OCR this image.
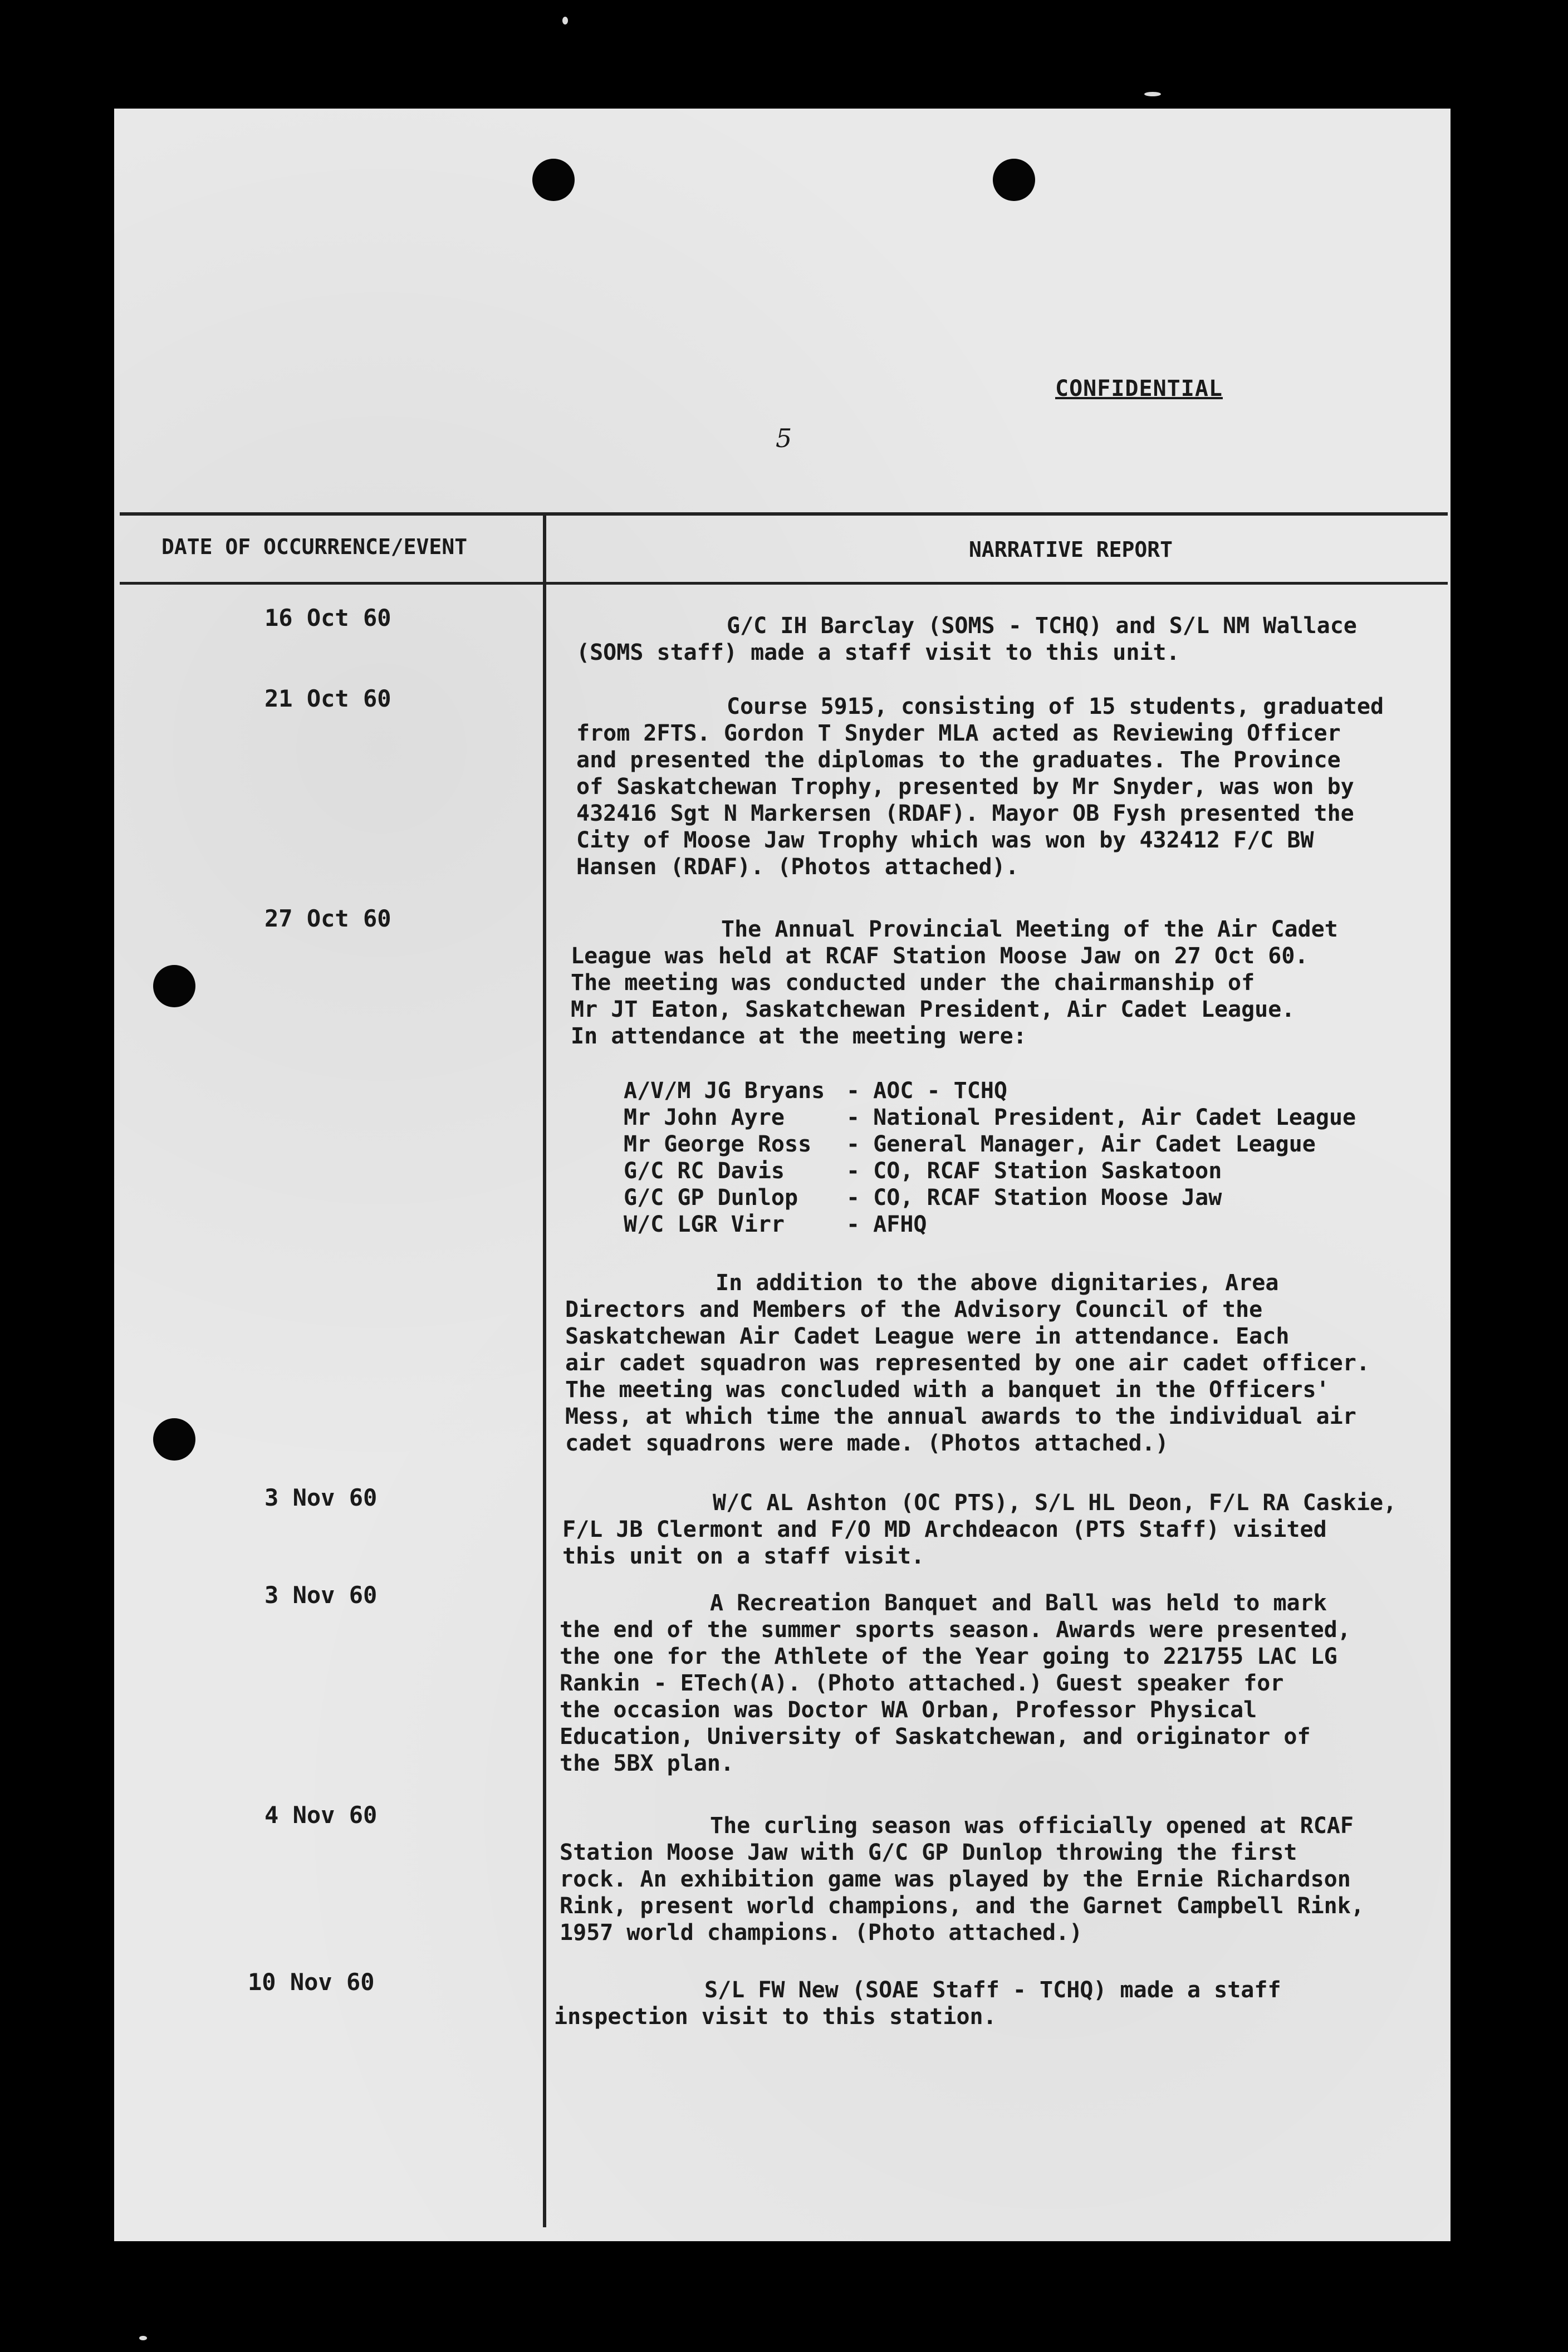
CONFIDENTIAL
5
DATE OF OCCURRENCE/EVENT	NARRATIVE REPORT
16 Oct 60	G/C IH Barclay (SOMS - TCHQ) and S/L NM Wallace
(SOMS staff) made a staff visit to this unit.

21 Oct 60	Course 5915, consisting of 15 students, graduated
from 2FTS. Gordon T Snyder MLA acted as Reviewing Officer
and presented the diplomas to the graduates. The Province
of Saskatchewan Trophy, presented by Mr Snyder, was won by
432416 Sgt N Markersen (RDAF). Mayor OB Fysh presented the
City of Moose Jaw Trophy which was won by 432412 F/C BW
Hansen (RDAF). (Photos attached).

27 Oct 60	The Annual Provincial Meeting of the Air Cadet
League was held at RCAF Station Moose Jaw on 27 Oct 60.
The meeting was conducted under the chairmanship of
Mr JT Eaton, Saskatchewan President, Air Cadet League.
In attendance at the meeting were:

A/V/M JG Bryans	- AOC - TCHQ
Mr John Ayre	- National President, Air Cadet League
Mr George Ross	- General Manager, Air Cadet League
G/C RC Davis	- CO, RCAF Station Saskatoon
G/C GP Dunlop	- CO, RCAF Station Moose Jaw
W/C LGR Virr	- AFHQ

In addition to the above dignitaries, Area
Directors and Members of the Advisory Council of the
Saskatchewan Air Cadet League were in attendance. Each
air cadet squadron was represented by one air cadet officer.
The meeting was concluded with a banquet in the Officers'
Mess, at which time the annual awards to the individual air
cadet squadrons were made. (Photos attached.)

3 Nov 60	W/C AL Ashton (OC PTS), S/L HL Deon, F/L RA Caskie,
F/L JB Clermont and F/O MD Archdeacon (PTS Staff) visited
this unit on a staff visit.

3 Nov 60	A Recreation Banquet and Ball was held to mark
the end of the summer sports season. Awards were presented,
the one for the Athlete of the Year going to 221755 LAC LG
Rankin - ETech(A). (Photo attached.) Guest speaker for
the occasion was Doctor WA Orban, Professor Physical
Education, University of Saskatchewan, and originator of
the 5BX plan.

4 Nov 60	The curling season was officially opened at RCAF
Station Moose Jaw with G/C GP Dunlop throwing the first
rock. An exhibition game was played by the Ernie Richardson
Rink, present world champions, and the Garnet Campbell Rink,
1957 world champions. (Photo attached.)

10 Nov 60	S/L FW New (SOAE Staff - TCHQ) made a staff
inspection visit to this station.
